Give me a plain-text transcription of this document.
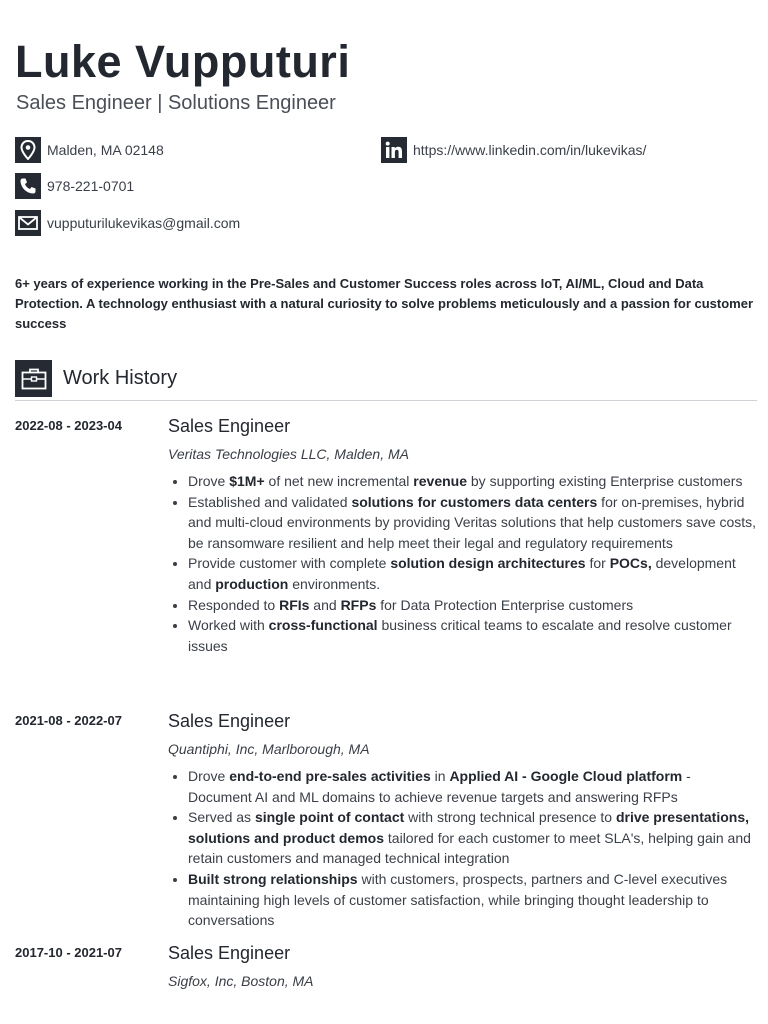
Luke Vupputuri
Sales Engineer | Solutions Engineer
Malden, MA 02148
978-221-0701
vupputurilukevikas@gmail.com
https://www.linkedin.com/in/lukevikas/
6+ years of experience working in the Pre-Sales and Customer Success roles across IoT, AI/ML, Cloud and Data Protection. A technology enthusiast with a natural curiosity to solve problems meticulously and a passion for customer success
Work History
2022-08 - 2023-04	Sales Engineer
Veritas Technologies LLC, Malden, MA
• Drove $1M+ of net new incremental revenue by supporting existing Enterprise customers
• Established and validated solutions for customers data centers for on-premises, hybrid and multi-cloud environments by providing Veritas solutions that help customers save costs, be ransomware resilient and help meet their legal and regulatory requirements
• Provide customer with complete solution design architectures for POCs, development and production environments.
• Responded to RFIs and RFPs for Data Protection Enterprise customers
• Worked with cross-functional business critical teams to escalate and resolve customer issues
2021-08 - 2022-07	Sales Engineer
Quantiphi, Inc, Marlborough, MA
• Drove end-to-end pre-sales activities in Applied AI - Google Cloud platform - Document AI and ML domains to achieve revenue targets and answering RFPs
• Served as single point of contact with strong technical presence to drive presentations, solutions and product demos tailored for each customer to meet SLA's, helping gain and retain customers and managed technical integration
• Built strong relationships with customers, prospects, partners and C-level executives maintaining high levels of customer satisfaction, while bringing thought leadership to conversations
2017-10 - 2021-07	Sales Engineer
Sigfox, Inc, Boston, MA
